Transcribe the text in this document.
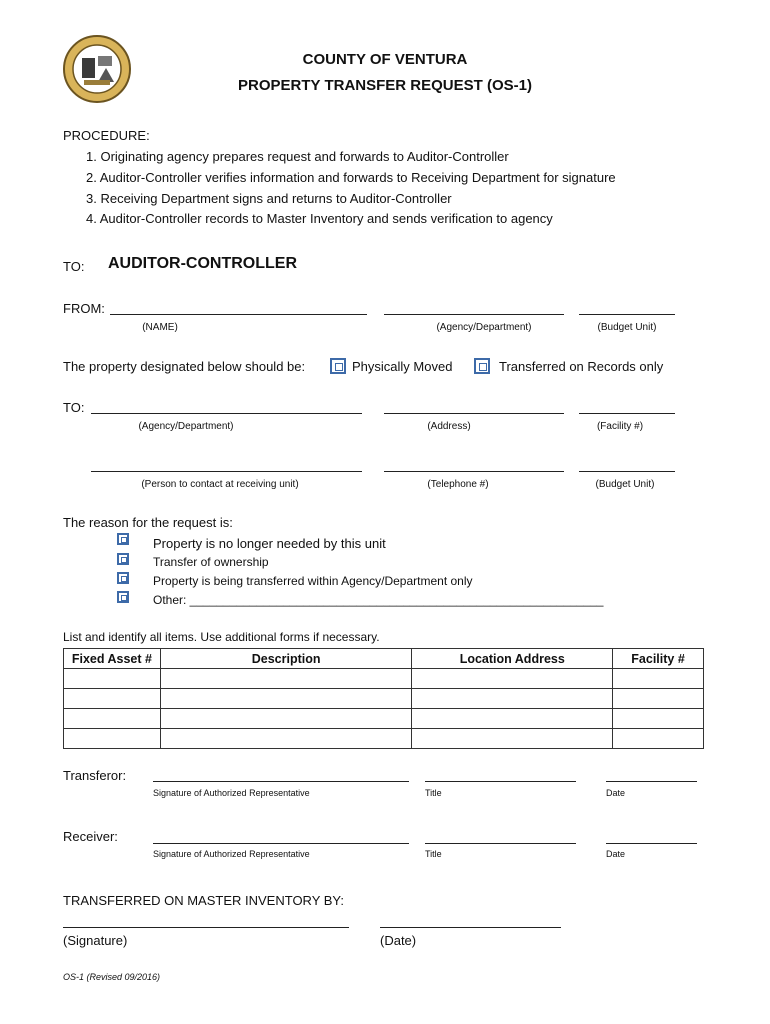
COUNTY OF VENTURA
PROPERTY TRANSFER REQUEST (OS-1)
PROCEDURE:
1. Originating agency prepares request and forwards to Auditor-Controller
2. Auditor-Controller verifies information and forwards to Receiving Department for signature
3. Receiving Department signs and returns to Auditor-Controller
4. Auditor-Controller records to Master Inventory and sends verification to agency
TO: AUDITOR-CONTROLLER
FROM:
(NAME)	(Agency/Department)	(Budget Unit)
The property designated below should be:	Physically Moved	Transferred on Records only
TO:
(Agency/Department)	(Address)	(Facility #)
(Person to contact at receiving unit)	(Telephone #)	(Budget Unit)
The reason for the request is:
Property is no longer needed by this unit
Transfer of ownership
Property is being transferred within Agency/Department only
Other: ______________________________________________________________
List and identify all items. Use additional forms if necessary.
Fixed Asset #	Description	Location Address	Facility #

Transferor:
Signature of Authorized Representative	Title	Date
Receiver:
Signature of Authorized Representative	Title	Date
TRANSFERRED ON MASTER INVENTORY BY:
(Signature)	(Date)
OS-1 (Revised 09/2016)
